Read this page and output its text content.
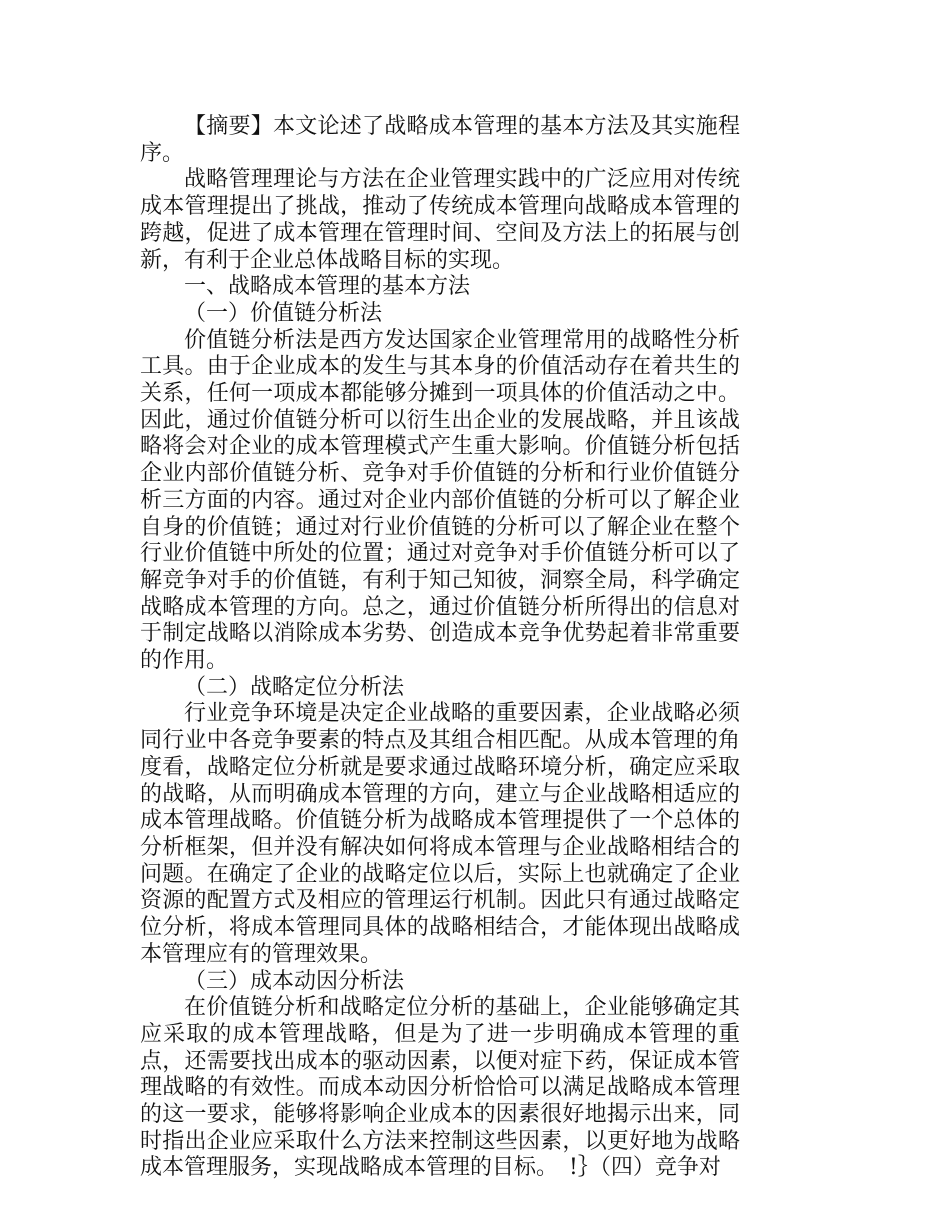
【摘要】本文论述了战略成本管理的基本方法及其实施程序。

战略管理理论与方法在企业管理实践中的广泛应用对传统成本管理提出了挑战，推动了传统成本管理向战略成本管理的跨越，促进了成本管理在管理时间、空间及方法上的拓展与创新，有利于企业总体战略目标的实现。

一、战略成本管理的基本方法

（一）价值链分析法

价值链分析法是西方发达国家企业管理常用的战略性分析工具。由于企业成本的发生与其本身的价值活动存在着共生的关系，任何一项成本都能够分摊到一项具体的价值活动之中。因此，通过价值链分析可以衍生出企业的发展战略，并且该战略将会对企业的成本管理模式产生重大影响。价值链分析包括企业内部价值链分析、竞争对手价值链的分析和行业价值链分析三方面的内容。通过对企业内部价值链的分析可以了解企业自身的价值链；通过对行业价值链的分析可以了解企业在整个行业价值链中所处的位置；通过对竞争对手价值链分析可以了解竞争对手的价值链，有利于知己知彼，洞察全局，科学确定战略成本管理的方向。总之，通过价值链分析所得出的信息对于制定战略以消除成本劣势、创造成本竞争优势起着非常重要的作用。

（二）战略定位分析法

行业竞争环境是决定企业战略的重要因素，企业战略必须同行业中各竞争要素的特点及其组合相匹配。从成本管理的角度看，战略定位分析就是要求通过战略环境分析，确定应采取的战略，从而明确成本管理的方向，建立与企业战略相适应的成本管理战略。价值链分析为战略成本管理提供了一个总体的分析框架，但并没有解决如何将成本管理与企业战略相结合的问题。在确定了企业的战略定位以后，实际上也就确定了企业资源的配置方式及相应的管理运行机制。因此只有通过战略定位分析，将成本管理同具体的战略相结合，才能体现出战略成本管理应有的管理效果。

（三）成本动因分析法

在价值链分析和战略定位分析的基础上，企业能够确定其应采取的成本管理战略，但是为了进一步明确成本管理的重点，还需要找出成本的驱动因素，以便对症下药，保证成本管理战略的有效性。而成本动因分析恰恰可以满足战略成本管理的这一要求，能够将影响企业成本的因素很好地揭示出来，同时指出企业应采取什么方法来控制这些因素，以更好地为战略成本管理服务，实现战略成本管理的目标。　!｝（四）竞争对
